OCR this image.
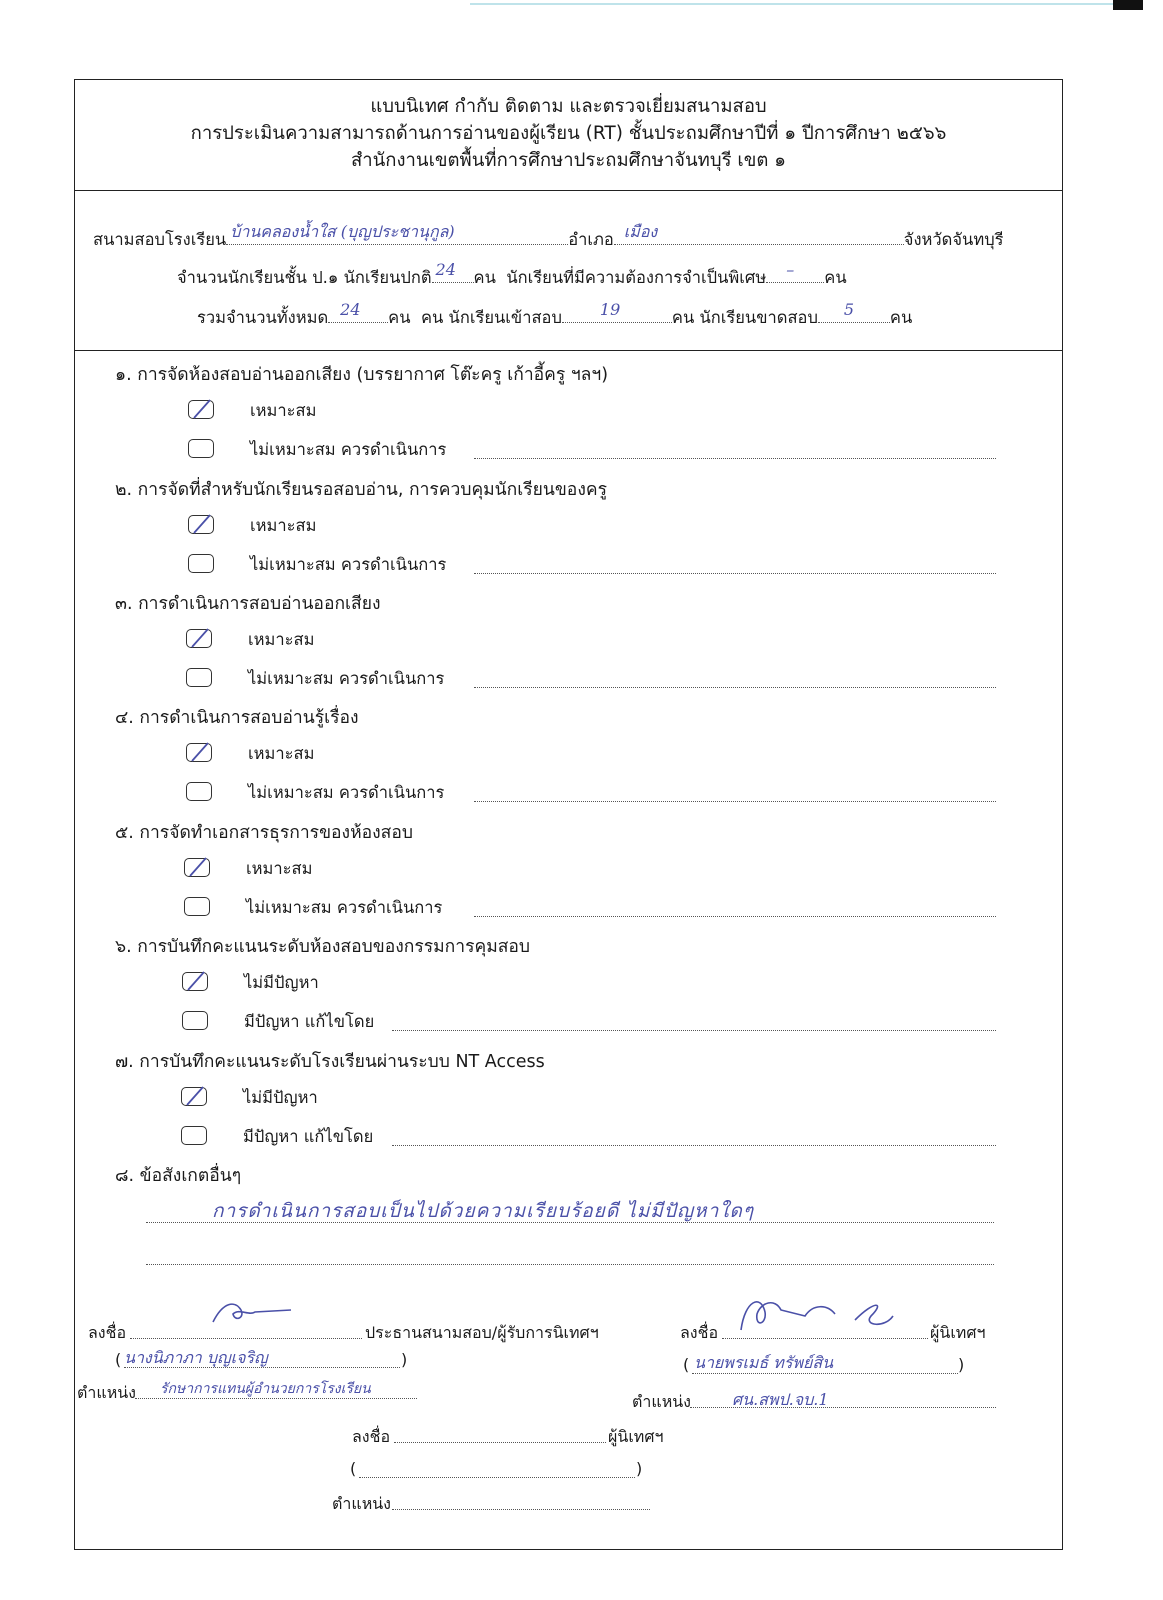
แบบนิเทศ กำกับ ติดตาม และตรวจเยี่ยมสนามสอบ
การประเมินความสามารถด้านการอ่านของผู้เรียน (RT) ชั้นประถมศึกษาปีที่ ๑ ปีการศึกษา ๒๕๖๖
สำนักงานเขตพื้นที่การศึกษาประถมศึกษาจันทบุรี เขต ๑
สนามสอบโรงเรียน บ้านคลองน้ำใส (บุญประชานุกูล)	อำเภอ เมือง	จังหวัดจันทบุรี
จำนวนนักเรียนชั้น ป.๑ นักเรียนปกติ 24 คน นักเรียนที่มีความต้องการจำเป็นพิเศษ – คน
รวมจำนวนทั้งหมด 24 คน คน นักเรียนเข้าสอบ 19	คน นักเรียนขาดสอบ 5 คน
๑. การจัดห้องสอบอ่านออกเสียง (บรรยากาศ โต๊ะครู เก้าอี้ครู ฯลฯ)
เหมาะสม
ไม่เหมาะสม ควรดำเนินการ
๒. การจัดที่สำหรับนักเรียนรอสอบอ่าน, การควบคุมนักเรียนของครู
เหมาะสม
ไม่เหมาะสม ควรดำเนินการ
๓. การดำเนินการสอบอ่านออกเสียง
เหมาะสม
ไม่เหมาะสม ควรดำเนินการ
๔. การดำเนินการสอบอ่านรู้เรื่อง
เหมาะสม
ไม่เหมาะสม ควรดำเนินการ
๕. การจัดทำเอกสารธุรการของห้องสอบ
เหมาะสม
ไม่เหมาะสม ควรดำเนินการ
๖. การบันทึกคะแนนระดับห้องสอบของกรรมการคุมสอบ
ไม่มีปัญหา
มีปัญหา แก้ไขโดย
๗. การบันทึกคะแนนระดับโรงเรียนผ่านระบบ NT Access
ไม่มีปัญหา
มีปัญหา แก้ไขโดย
๘. ข้อสังเกตอื่นๆ
การดำเนินการสอบเป็นไปด้วยความเรียบร้อยดี ไม่มีปัญหาใดๆ
ลงชื่อ	ประธานสนามสอบ/ผู้รับการนิเทศฯ
( นางนิภาภา บุญเจริญ	)
ตำแหน่ง รักษาการแทนผู้อำนวยการโรงเรียน
ลงชื่อ	ผู้นิเทศฯ
( นายพรเมธ์ ทรัพย์สิน	)
ตำแหน่ง	ศน.สพป.จบ.1
ลงชื่อ	ผู้นิเทศฯ
(	)
ตำแหน่ง
